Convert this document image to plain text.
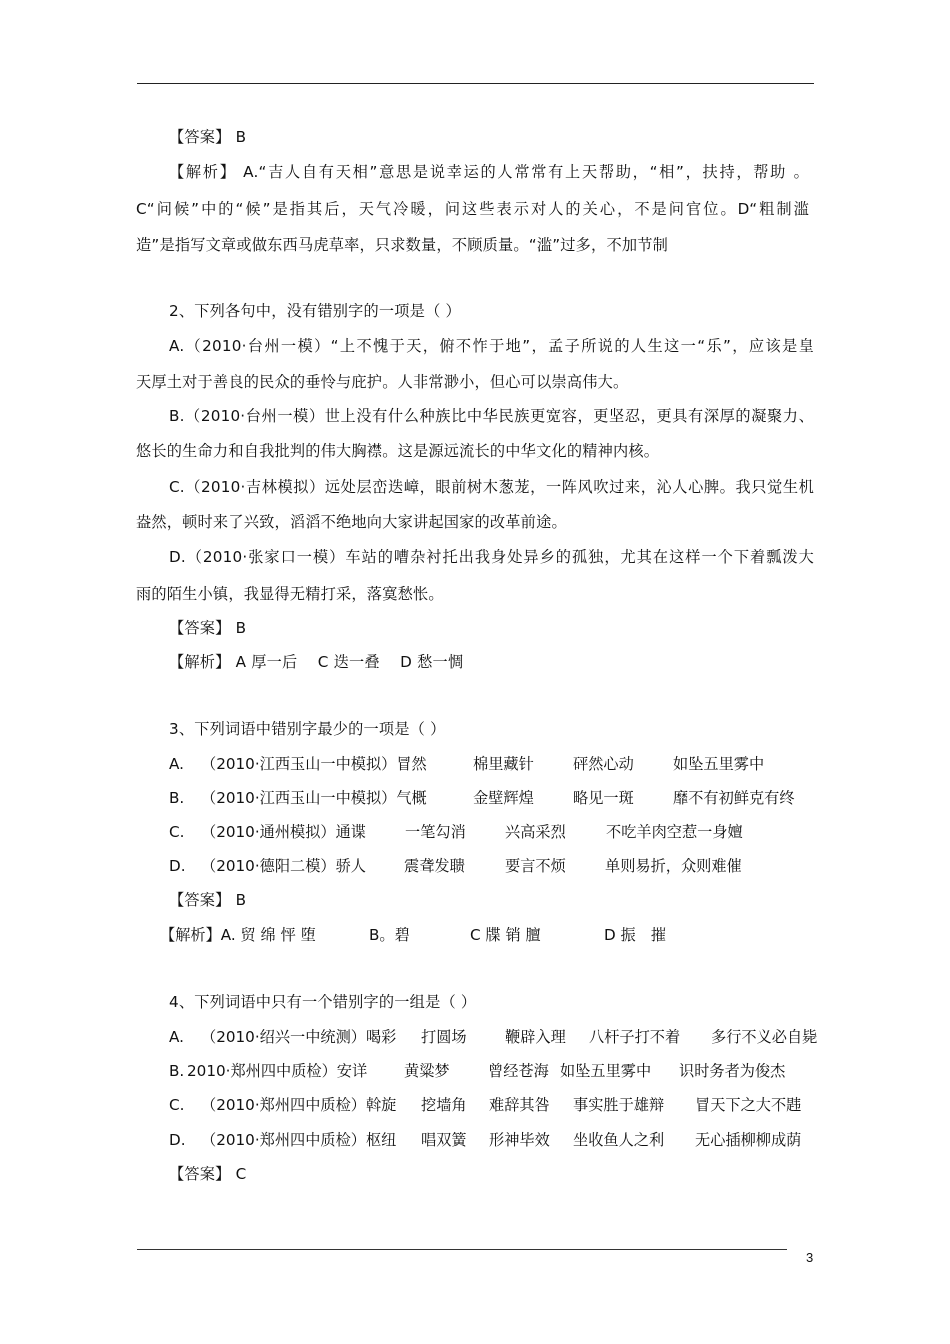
【答案】 B
【解析】 A.“吉人自有天相”意思是说幸运的人常常有上天帮助，“相”，扶持，帮助 。
C“问候”中的“候”是指其后，天气冷暖，问这些表示对人的关心，不是问官位。D“粗制滥
造”是指写文章或做东西马虎草率，只求数量，不顾质量。“滥”过多，不加节制
2、下列各句中，没有错别字的一项是（ ）
A.（2010·台州一模）“上不愧于天，俯不怍于地”，孟子所说的人生这一“乐”，应该是皇
天厚土对于善良的民众的垂怜与庇护。人非常渺小，但心可以崇高伟大。
B.（2010·台州一模）世上没有什么种族比中华民族更宽容，更坚忍，更具有深厚的凝聚力、
悠长的生命力和自我批判的伟大胸襟。这是源远流长的中华文化的精神内核。
C.（2010·吉林模拟）远处层峦迭嶂，眼前树木葱茏，一阵风吹过来，沁人心脾。我只觉生机
盎然，顿时来了兴致，滔滔不绝地向大家讲起国家的改革前途。
D.（2010·张家口一模）车站的嘈杂衬托出我身处异乡的孤独，尤其在这样一个下着瓢泼大
雨的陌生小镇，我显得无精打采，落寞愁怅。
【答案】 B
【解析】 A 厚一后　 C 迭一叠　 D 愁一惆
3、下列词语中错别字最少的一项是（ ）
A. （2010·江西玉山一中模拟）冒然	棉里藏针	砰然心动	如坠五里雾中
B. （2010·江西玉山一中模拟）气概	金壁辉煌	略见一斑	靡不有初鲜克有终
C. （2010·通州模拟）通谍	一笔勾消	兴高采烈	不吃羊肉空惹一身嬗
D. （2010·德阳二模）骄人	震聋发聩	要言不烦	单则易折，众则难催
【答案】 B
【解析】A. 贸 绵 怦 堕	B。碧	C 牒 销 膻	D 振　摧
4、下列词语中只有一个错别字的一组是（ ）
A. （2010·绍兴一中统测）喝彩 打圆场	鞭辟入理 八杆子打不着 多行不义必自毙
B. 2010·郑州四中质检）安详 黄粱梦	曾经苍海 如坠五里雾中 识时务者为俊杰
C. （2010·郑州四中质检）斡旋 挖墙角 难辞其咎 事实胜于雄辩 冒天下之大不韪
D. （2010·郑州四中质检）枢纽 唱双簧 形神毕效 坐收鱼人之利 无心插柳柳成荫
【答案】 C
3
